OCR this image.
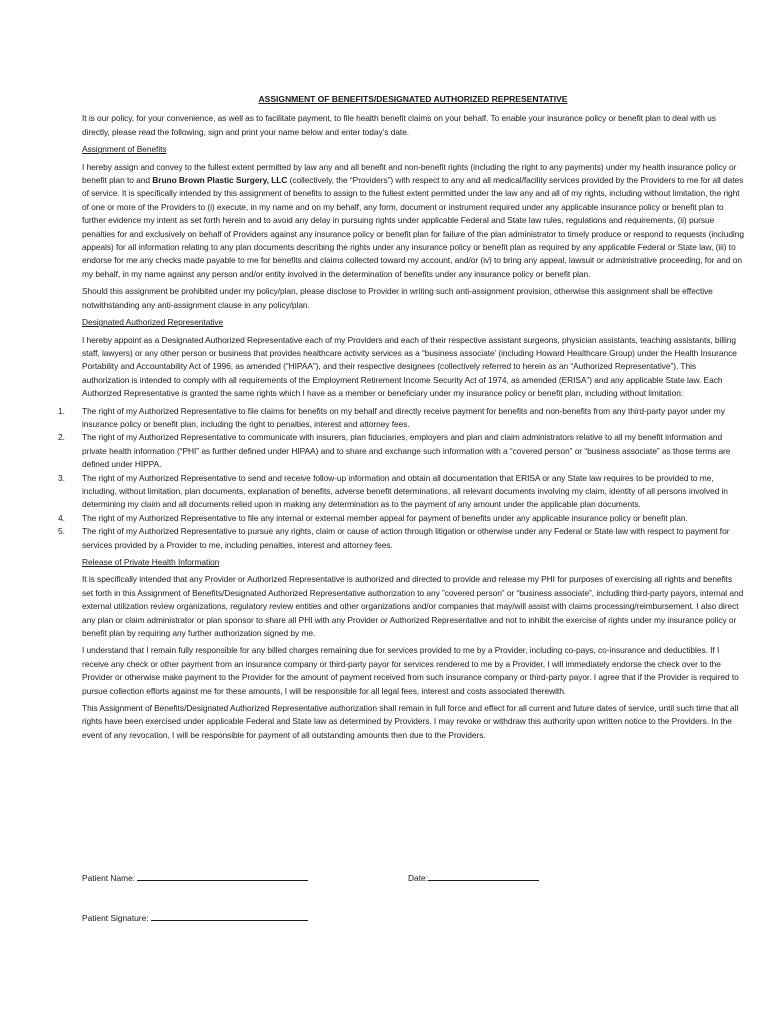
ASSIGNMENT OF BENEFITS/DESIGNATED AUTHORIZED REPRESENTATIVE

It is our policy, for your convenience, as well as to facilitate payment, to file health benefit claims on your behalf. To enable your insurance policy or benefit plan to deal with us directly, please read the following, sign and print your name below and enter today’s date.

Assignment of Benefits

I hereby assign and convey to the fullest extent permitted by law any and all benefit and non-benefit rights (including the right to any payments) under my health insurance policy or benefit plan to and Bruno Brown Plastic Surgery, LLC (collectively, the “Providers”) with respect to any and all medical/facility services provided by the Providers to me for all dates of service. It is specifically intended by this assignment of benefits to assign to the fullest extent permitted under the law any and all of my rights, including without limitation, the right of one or more of the Providers to (i) execute, in my name and on my behalf, any form, document or instrument required under any applicable insurance policy or benefit plan to further evidence my intent as set forth herein and to avoid any delay in pursuing rights under applicable Federal and State law rules, regulations and requirements, (ii) pursue penalties for and exclusively on behalf of Providers against any insurance policy or benefit plan for failure of the plan administrator to timely produce or respond to requests (including appeals) for all information relating to any plan documents describing the rights under any insurance policy or benefit plan as required by any applicable Federal or State law, (iii) to endorse for me any checks made payable to me for benefits and claims collected toward my account, and/or (iv) to bring any appeal, lawsuit or administrative proceeding, for and on my behalf, in my name against any person and/or entity involved in the determination of benefits under any insurance policy or benefit plan.

Should this assignment be prohibited under my policy/plan, please disclose to Provider in writing such anti-assignment provision, otherwise this assignment shall be effective notwithstanding any anti-assignment clause in any policy/plan.

Designated Authorized Representative

I hereby appoint as a Designated Authorized Representative each of my Providers and each of their respective assistant surgeons, physician assistants, teaching assistants, billing staff, lawyers) or any other person or business that provides healthcare activity services as a “business associate’ (including Howard Healthcare Group) under the Health Insurance Portability and Accountability Act of 1996, as amended (“HIPAA”), and their respective designees (collectively referred to herein as an “Authorized Representative”). This authorization is intended to comply with all requirements of the Employment Retirement Income Security Act of 1974, as amended (ERISA”) and any applicable State law. Each Authorized Representative is granted the same rights which I have as a member or beneficiary under my insurance policy or benefit plan, including without limitation:

1. The right of my Authorized Representative to file claims for benefits on my behalf and directly receive payment for benefits and non-benefits from any third-party payor under my insurance policy or benefit plan, including the right to penalties, interest and attorney fees.
2. The right of my Authorized Representative to communicate with insurers, plan fiduciaries, employers and plan and claim administrators relative to all my benefit information and private health information (“PHI” as further defined under HIPAA) and to share and exchange such information with a “covered person” or “business associate” as those terms are defined under HIPPA.
3. The right of my Authorized Representative to send and receive follow-up information and obtain all documentation that ERISA or any State law requires to be provided to me, including, without limitation, plan documents, explanation of benefits, adverse benefit determinations, all relevant documents involving my claim, identity of all persons involved in determining my claim and all documents relied upon in making any determination as to the payment of any amount under the applicable plan documents.
4. The right of my Authorized Representative to file any internal or external member appeal for payment of benefits under any applicable insurance policy or benefit plan.
5. The right of my Authorized Representative to pursue any rights, claim or cause of action through litigation or otherwise under any Federal or State law with respect to payment for services provided by a Provider to me, including penalties, interest and attorney fees.

Release of Private Health Information

It is specifically intended that any Provider or Authorized Representative is authorized and directed to provide and release my PHI for purposes of exercising all rights and benefits set forth in this Assignment of Benefits/Designated Authorized Representative authorization to any ”covered person” or “business associate”, including third-party payors, internal and external utilization review organizations, regulatory review entities and other organizations and/or companies that may/will assist with claims processing/reimbursement. I also direct any plan or claim administrator or plan sponsor to share all PHI with any Provider or Authorized Representative and not to inhibit the exercise of rights under my insurance policy or benefit plan by requiring any further authorization signed by me.

I understand that I remain fully responsible for any billed charges remaining due for services provided to me by a Provider, including co-pays, co-insurance and deductibles. If I receive any check or other payment from an insurance company or third-party payor for services rendered to me by a Provider, I will immediately endorse the check over to the Provider or otherwise make payment to the Provider for the amount of payment received from such insurance company or third-party payor. I agree that if the Provider is required to pursue collection efforts against me for these amounts, I will be responsible for all legal fees, interest and costs associated therewith.

This Assignment of Benefits/Designated Authorized Representative authorization shall remain in full force and effect for all current and future dates of service, until such time that all rights have been exercised under applicable Federal and State law as determined by Providers. I may revoke or withdraw this authority upon written notice to the Providers. In the event of any revocation, I will be responsible for payment of all outstanding amounts then due to the Providers.

Patient Name:	Date:
Patient Signature:
